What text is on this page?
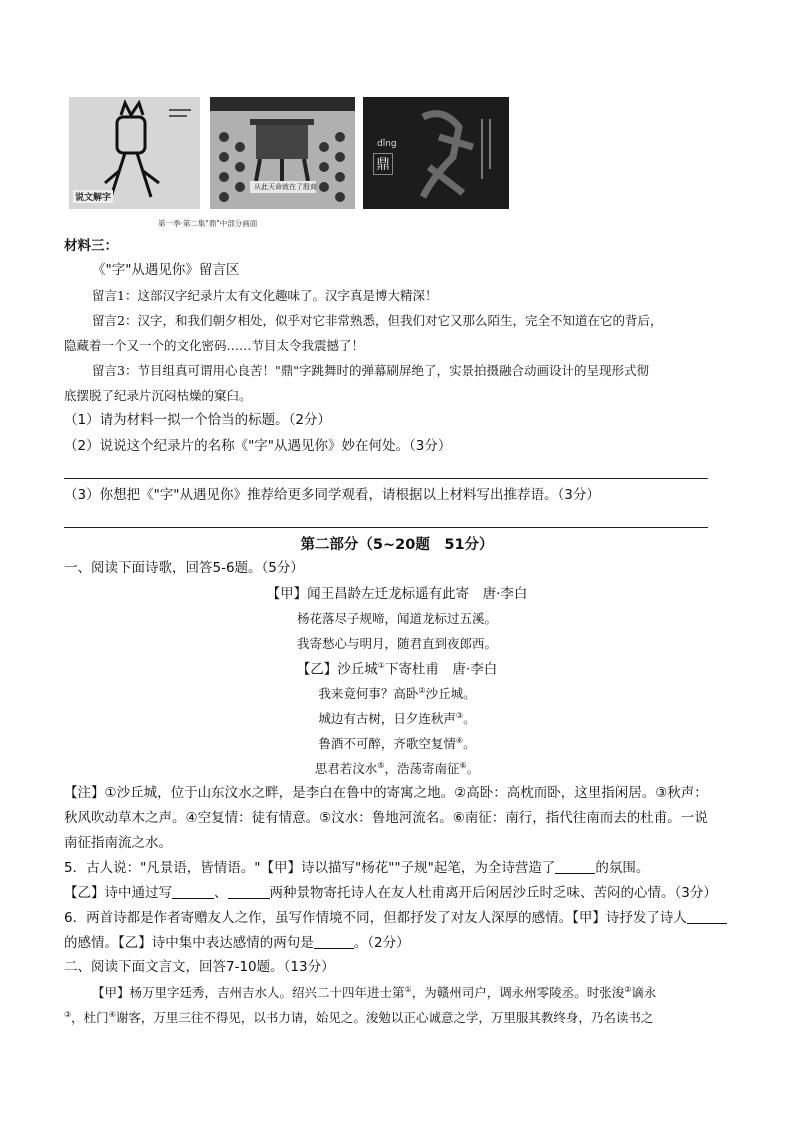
说文解字
从此天命就在了殷商
dǐng
鼎
第一季·第二集"鼎"中部分画面
材料三：
《"字"从遇见你》留言区
留言1：这部汉字纪录片太有文化趣味了。汉字真是博大精深！
留言2：汉字，和我们朝夕相处，似乎对它非常熟悉，但我们对它又那么陌生，完全不知道在它的背后，
隐藏着一个又一个的文化密码……节目太令我震撼了！
留言3：节目组真可谓用心良苦！"鼎"字跳舞时的弹幕刷屏绝了，实景拍摄融合动画设计的呈现形式彻
底摆脱了纪录片沉闷枯燥的窠臼。
（1）请为材料一拟一个恰当的标题。（2分）
（2）说说这个纪录片的名称《"字"从遇见你》妙在何处。（3分）
（3）你想把《"字"从遇见你》推荐给更多同学观看，请根据以上材料写出推荐语。（3分）
第二部分（5~20题　51分）
一、阅读下面诗歌，回答5-6题。（5分）
【甲】闻王昌龄左迁龙标遥有此寄　唐·李白
杨花落尽子规啼，闻道龙标过五溪。
我寄愁心与明月，随君直到夜郎西。
【乙】沙丘城①下寄杜甫　唐·李白
我来竟何事？高卧②沙丘城。
城边有古树，日夕连秋声③。
鲁酒不可醉，齐歌空复情④。
思君若汶水⑤，浩荡寄南征⑥。
【注】①沙丘城，位于山东汶水之畔，是李白在鲁中的寄寓之地。②高卧：高枕而卧，这里指闲居。③秋声：
秋风吹动草木之声。④空复情：徒有情意。⑤汶水：鲁地河流名。⑥南征：南行，指代往南而去的杜甫。一说
南征指南流之水。
5．古人说："凡景语，皆情语。"【甲】诗以描写"杨花""子规"起笔，为全诗营造了	的氛围。
【乙】诗中通过写	、	两种景物寄托诗人在友人杜甫离开后闲居沙丘时乏味、苦闷的心情。（3分）
6．两首诗都是作者寄赠友人之作，虽写作情境不同，但都抒发了对友人深厚的感情。【甲】诗抒发了诗人
的感情。【乙】诗中集中表达感情的两句是	。（2分）
二、阅读下面文言文，回答7-10题。（13分）
【甲】杨万里字廷秀，吉州吉水人。绍兴二十四年进士第①，为赣州司户，调永州零陵丞。时张浚②谪永
③，杜门④谢客，万里三往不得见，以书力请，始见之。浚勉以正心诚意之学，万里服其教终身，乃名读书之
